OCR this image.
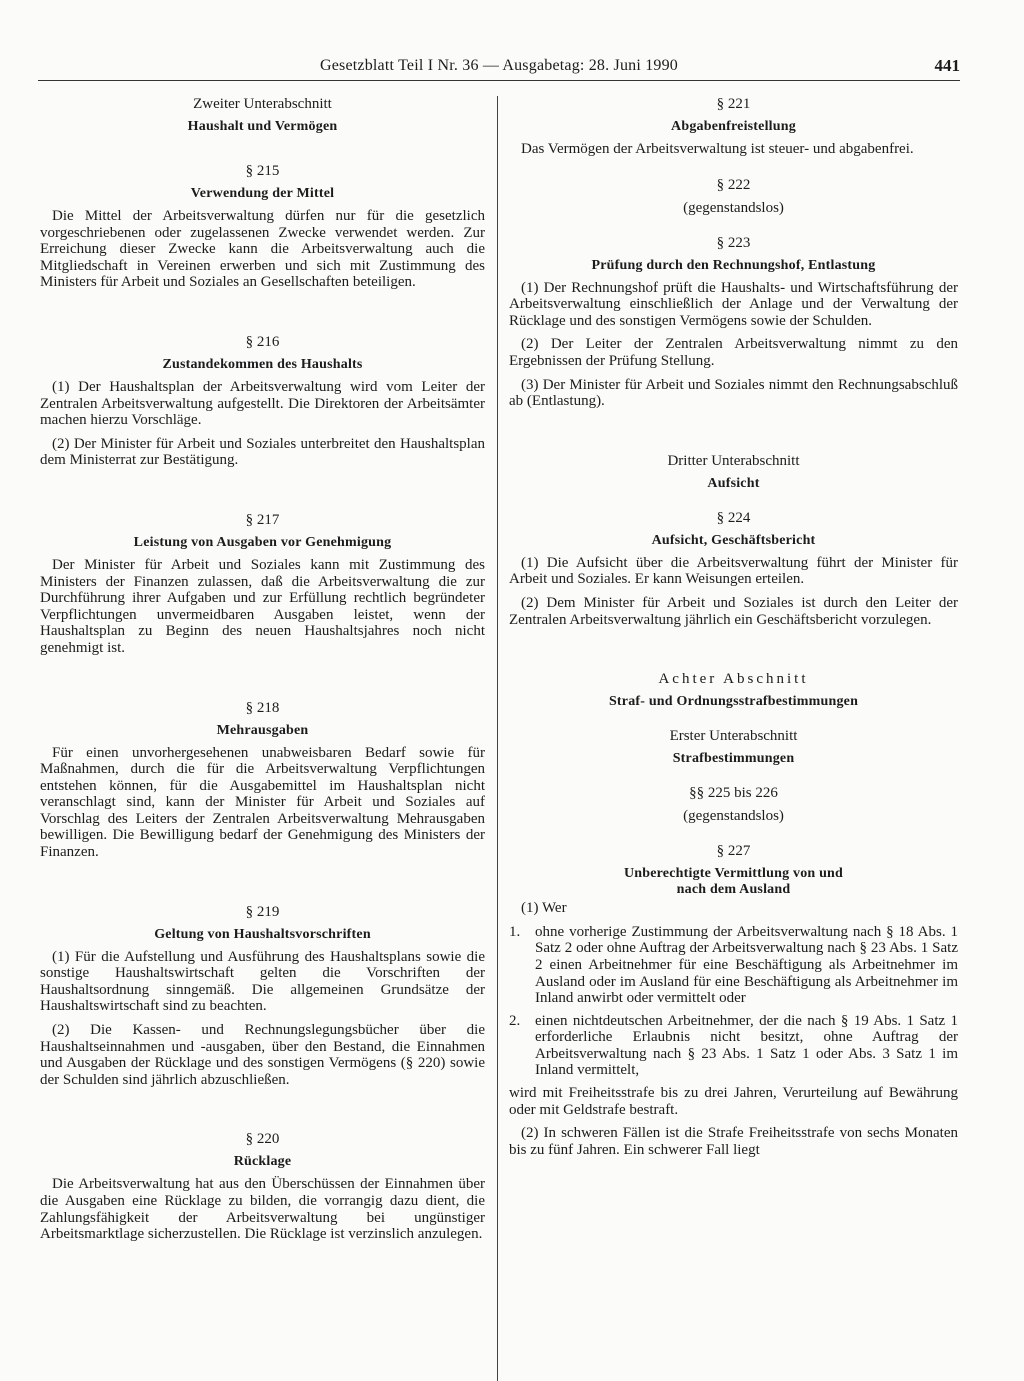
Gesetzblatt Teil I Nr. 36 — Ausgabetag: 28. Juni 1990	441
Zweiter Unterabschnitt
Haushalt und Vermögen
§ 215
Verwendung der Mittel

Die Mittel der Arbeitsverwaltung dürfen nur für die gesetzlich vorgeschriebenen oder zugelassenen Zwecke verwendet werden. Zur Erreichung dieser Zwecke kann die Arbeitsverwaltung auch die Mitgliedschaft in Vereinen erwerben und sich mit Zustimmung des Ministers für Arbeit und Soziales an Gesellschaften beteiligen.

§ 216
Zustandekommen des Haushalts

(1) Der Haushaltsplan der Arbeitsverwaltung wird vom Leiter der Zentralen Arbeitsverwaltung aufgestellt. Die Direktoren der Arbeitsämter machen hierzu Vorschläge.

(2) Der Minister für Arbeit und Soziales unterbreitet den Haushaltsplan dem Ministerrat zur Bestätigung.

§ 217
Leistung von Ausgaben vor Genehmigung

Der Minister für Arbeit und Soziales kann mit Zustimmung des Ministers der Finanzen zulassen, daß die Arbeitsverwaltung die zur Durchführung ihrer Aufgaben und zur Erfüllung rechtlich begründeter Verpflichtungen unvermeidbaren Ausgaben leistet, wenn der Haushaltsplan zu Beginn des neuen Haushaltsjahres noch nicht genehmigt ist.

§ 218
Mehrausgaben

Für einen unvorhergesehenen unabweisbaren Bedarf sowie für Maßnahmen, durch die für die Arbeitsverwaltung Verpflichtungen entstehen können, für die Ausgabemittel im Haushaltsplan nicht veranschlagt sind, kann der Minister für Arbeit und Soziales auf Vorschlag des Leiters der Zentralen Arbeitsverwaltung Mehrausgaben bewilligen. Die Bewilligung bedarf der Genehmigung des Ministers der Finanzen.

§ 219
Geltung von Haushaltsvorschriften

(1) Für die Aufstellung und Ausführung des Haushaltsplans sowie die sonstige Haushaltswirtschaft gelten die Vorschriften der Haushaltsordnung sinngemäß. Die allgemeinen Grundsätze der Haushaltswirtschaft sind zu beachten.

(2) Die Kassen- und Rechnungslegungsbücher über die Haushaltseinnahmen und -ausgaben, über den Bestand, die Einnahmen und Ausgaben der Rücklage und des sonstigen Vermögens (§ 220) sowie der Schulden sind jährlich abzuschließen.

§ 220
Rücklage

Die Arbeitsverwaltung hat aus den Überschüssen der Einnahmen über die Ausgaben eine Rücklage zu bilden, die vorrangig dazu dient, die Zahlungsfähigkeit der Arbeitsverwaltung bei ungünstiger Arbeitsmarktlage sicherzustellen. Die Rücklage ist verzinslich anzulegen.

§ 221
Abgabenfreistellung

Das Vermögen der Arbeitsverwaltung ist steuer- und abgabenfrei.

§ 222
(gegenstandslos)
§ 223
Prüfung durch den Rechnungshof, Entlastung

(1) Der Rechnungshof prüft die Haushalts- und Wirtschaftsführung der Arbeitsverwaltung einschließlich der Anlage und der Verwaltung der Rücklage und des sonstigen Vermögens sowie der Schulden.

(2) Der Leiter der Zentralen Arbeitsverwaltung nimmt zu den Ergebnissen der Prüfung Stellung.

(3) Der Minister für Arbeit und Soziales nimmt den Rechnungsabschluß ab (Entlastung).

Dritter Unterabschnitt
Aufsicht
§ 224
Aufsicht, Geschäftsbericht

(1) Die Aufsicht über die Arbeitsverwaltung führt der Minister für Arbeit und Soziales. Er kann Weisungen erteilen.

(2) Dem Minister für Arbeit und Soziales ist durch den Leiter der Zentralen Arbeitsverwaltung jährlich ein Geschäftsbericht vorzulegen.

Achter Abschnitt
Straf- und Ordnungsstrafbestimmungen
Erster Unterabschnitt
Strafbestimmungen
§§ 225 bis 226
(gegenstandslos)
§ 227
Unberechtigte Vermittlung von und
nach dem Ausland

(1) Wer

1. ohne vorherige Zustimmung der Arbeitsverwaltung nach § 18 Abs. 1 Satz 2 oder ohne Auftrag der Arbeitsverwaltung nach § 23 Abs. 1 Satz 2 einen Arbeitnehmer für eine Beschäftigung als Arbeitnehmer im Ausland oder im Ausland für eine Beschäftigung als Arbeitnehmer im Inland anwirbt oder vermittelt oder
2. einen nichtdeutschen Arbeitnehmer, der die nach § 19 Abs. 1 Satz 1 erforderliche Erlaubnis nicht besitzt, ohne Auftrag der Arbeitsverwaltung nach § 23 Abs. 1 Satz 1 oder Abs. 3 Satz 1 im Inland vermittelt,

wird mit Freiheitsstrafe bis zu drei Jahren, Verurteilung auf Bewährung oder mit Geldstrafe bestraft.

(2) In schweren Fällen ist die Strafe Freiheitsstrafe von sechs Monaten bis zu fünf Jahren. Ein schwerer Fall liegt
